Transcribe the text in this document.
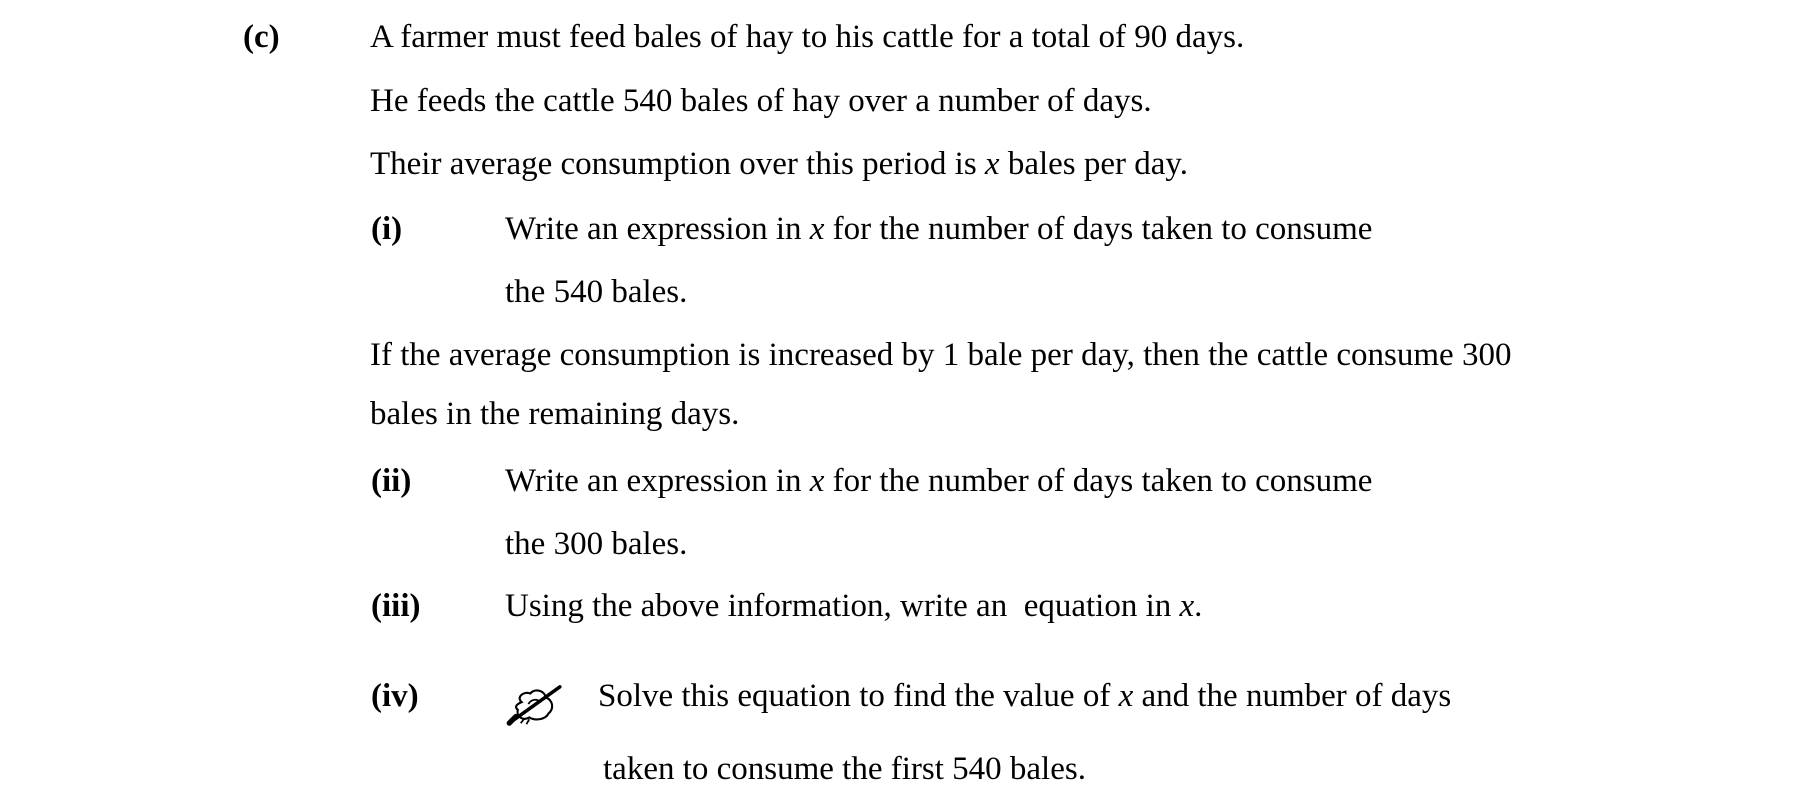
(c)	A farmer must feed bales of hay to his cattle for a total of 90 days.
He feeds the cattle 540 bales of hay over a number of days.
Their average consumption over this period is x bales per day.
(i)	Write an expression in x for the number of days taken to consume
the 540 bales.
If the average consumption is increased by 1 bale per day, then the cattle consume 300
bales in the remaining days.
(ii)	Write an expression in x for the number of days taken to consume
the 300 bales.
(iii)	Using the above information, write an  equation in x.
(iv)	Solve this equation to find the value of x and the number of days
taken to consume the first 540 bales.
